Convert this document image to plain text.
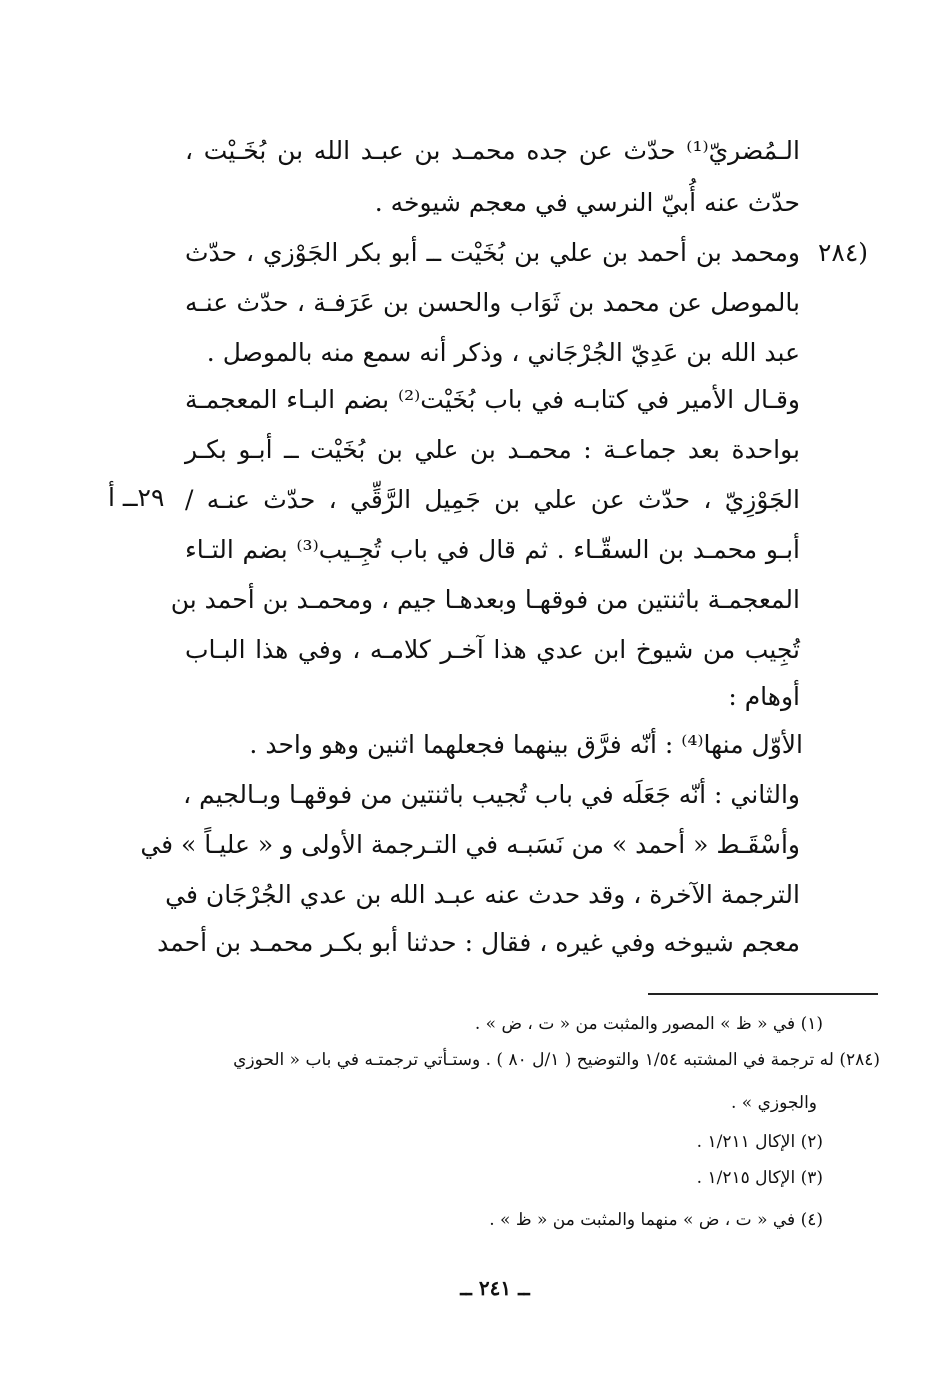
الـمُضريّ⁽¹⁾ حدّث عن جده محمـد بن عبـد الله بن بُخَـيْت ،
حدّث عنه أُبيّ النرسي في معجم شيوخه .
ومحمد بن أحمد بن علي بن بُخَيْت ــ أبو بكر الجَوْزي ، حدّث (٢٨٤
بالموصل عن محمد بن ثَوَاب والحسن بن عَرَفـة ، حدّث عنـه
عبد الله بن عَدِيّ الجُرْجَاني ، وذكر أنه سمع منه بالموصل .
وقـال الأمير في كتابـه في باب بُخَيْت⁽²⁾ بضم البـاء المعجمـة
بواحدة بعد جماعـة : محمـد بن علي بن بُخَيْت ــ أبـو بكـر
الجَوْزِيّ ، حدّث عن علي بن جَمِيل الرَّقِّي ، حدّث عنـه /
٢٩ــ أ
أبـو محمـد بن السقّـاء . ثم قال في باب تُجِـيب⁽³⁾ بضم التـاء
المعجمـة باثنتين من فوقهـا وبعدهـا جيم ، ومحمـد بن أحمد بن
تُجِيب من شيوخ ابن عدي هذا آخـر كلامـه ، وفي هذا البـاب
أوهام :
الأوّل منها⁽⁴⁾ : أنّه فرَّق بينهما فجعلهما اثنين وهو واحد .
والثاني : أنّه جَعَلَه في باب تُجيب باثنتين من فوقهـا وبـالجيم ،
وأسْقَـط « أحمد » من نَسَبـه في التـرجمة الأولى و « عليـاً » في
الترجمة الآخرة ، وقد حدث عنه عبـد الله بن عدي الجُرْجَان في
معجم شيوخه وفي غيره ، فقال : حدثنا أبو بكـر محمـد بن أحمد
(١) في « ظ » المصور والمثبت من « ت ، ض » .
(٢٨٤) له ترجمة في المشتبه ١/٥٤ والتوضيح ( ١/ل ٨٠ ) . وستـأتي ترجمتـه في باب « الحوزي
والجوزي » .
(٢) الإكال ١/٢١١ .
(٣) الإكال ١/٢١٥ .
(٤) في « ت ، ض » منهما والمثبت من « ظ » .
ــ ٢٤١ ــ
